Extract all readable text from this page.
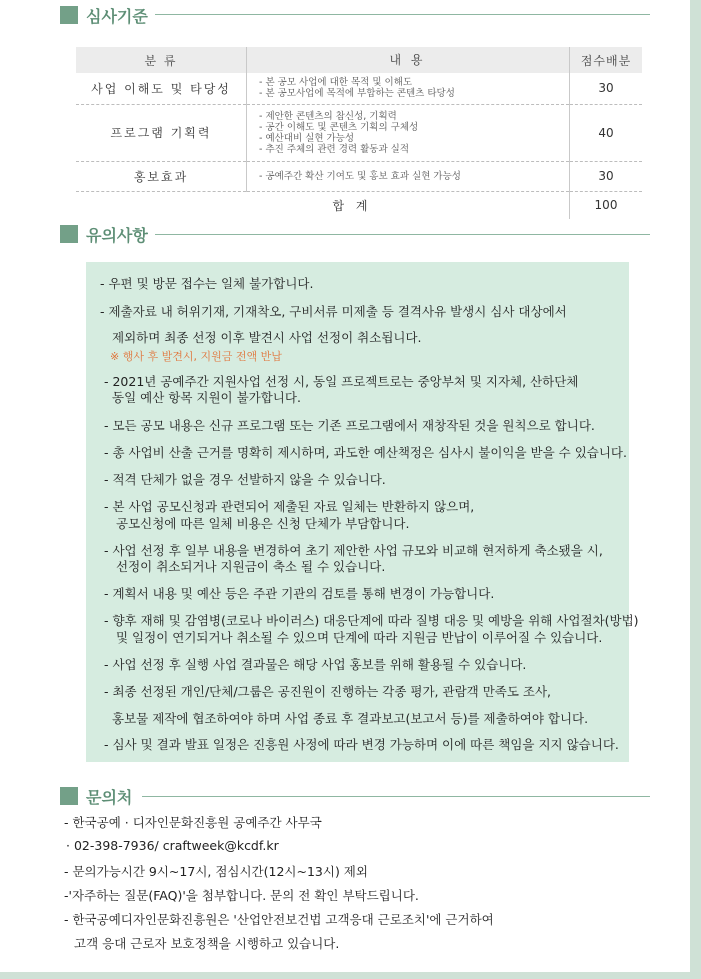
심사기준
분 류	내 용	점수배분
사업 이해도 및 타당성	- 본 공모 사업에 대한 목적 및 이해도
- 본 공모사업에 목적에 부합하는 콘텐츠 타당성	30
프로그램 기획력	- 제안한 콘텐츠의 참신성, 기획력
- 공간 이해도 및 콘텐츠 기획의 구체성
- 예산대비 실현 가능성
- 추진 주체의 관련 경력 활동과 실적	40
홍보효과	- 공예주간 확산 기여도 및 홍보 효과 실현 가능성	30
합 계		100
유의사항
- 우편 및 방문 접수는 일체 불가합니다.
- 제출자료 내 허위기재, 기재착오, 구비서류 미제출 등 결격사유 발생시 심사 대상에서
제외하며 최종 선정 이후 발견시 사업 선정이 취소됩니다.
※ 행사 후 발견시, 지원금 전액 반납
- 2021년 공예주간 지원사업 선정 시, 동일 프로젝트로는 중앙부처 및 지자체, 산하단체
동일 예산 항목 지원이 불가합니다.
- 모든 공모 내용은 신규 프로그램 또는 기존 프로그램에서 재창작된 것을 원칙으로 합니다.
- 총 사업비 산출 근거를 명확히 제시하며, 과도한 예산책정은 심사시 불이익을 받을 수 있습니다.
- 적격 단체가 없을 경우 선발하지 않을 수 있습니다.
- 본 사업 공모신청과 관련되어 제출된 자료 일체는 반환하지 않으며,
공모신청에 따른 일체 비용은 신청 단체가 부담합니다.
- 사업 선정 후 일부 내용을 변경하여 초기 제안한 사업 규모와 비교해 현저하게 축소됐을 시,
선정이 취소되거나 지원금이 축소 될 수 있습니다.
- 계획서 내용 및 예산 등은 주관 기관의 검토를 통해 변경이 가능합니다.
- 향후 재해 및 감염병(코로나 바이러스) 대응단계에 따라 질병 대응 및 예방을 위해 사업절차(방법)
및 일정이 연기되거나 취소될 수 있으며 단계에 따라 지원금 반납이 이루어질 수 있습니다.
- 사업 선정 후 실행 사업 결과물은 해당 사업 홍보를 위해 활용될 수 있습니다.
- 최종 선정된 개인/단체/그룹은 공진원이 진행하는 각종 평가, 관람객 만족도 조사,
홍보물 제작에 협조하여야 하며 사업 종료 후 결과보고(보고서 등)를 제출하여야 합니다.
- 심사 및 결과 발표 일정은 진흥원 사정에 따라 변경 가능하며 이에 따른 책임을 지지 않습니다.
문의처
- 한국공예 · 디자인문화진흥원 공예주간 사무국
· 02-398-7936/ craftweek@kcdf.kr
- 문의가능시간 9시~17시, 점심시간(12시~13시) 제외
-'자주하는 질문(FAQ)'을 첨부합니다. 문의 전 확인 부탁드립니다.
- 한국공예디자인문화진흥원은 '산업안전보건법 고객응대 근로조치'에 근거하여
고객 응대 근로자 보호정책을 시행하고 있습니다.
